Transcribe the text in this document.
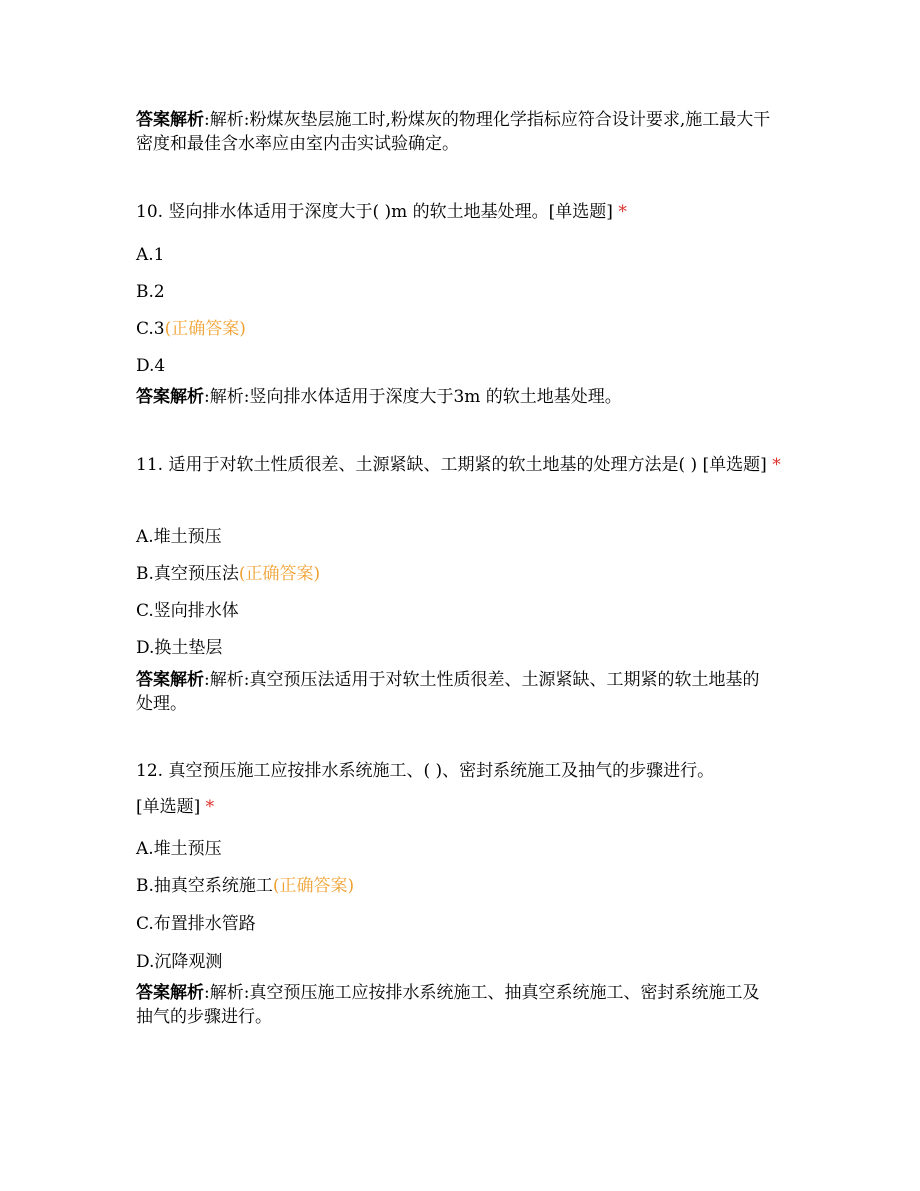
答案解析:解析:粉煤灰垫层施工时,粉煤灰的物理化学指标应符合设计要求,施工最大干密度和最佳含水率应由室内击实试验确定。
10. 竖向排水体适用于深度大于( )m 的软土地基处理。[单选题] *
A.1
B.2
C.3(正确答案)
D.4
答案解析:解析:竖向排水体适用于深度大于3m 的软土地基处理。
11. 适用于对软土性质很差、土源紧缺、工期紧的软土地基的处理方法是( ) [单选题] *
A.堆土预压
B.真空预压法(正确答案)
C.竖向排水体
D.换土垫层
答案解析:解析:真空预压法适用于对软土性质很差、土源紧缺、工期紧的软土地基的处理。
12. 真空预压施工应按排水系统施工、( )、密封系统施工及抽气的步骤进行。
[单选题] *
A.堆土预压
B.抽真空系统施工(正确答案)
C.布置排水管路
D.沉降观测
答案解析:解析:真空预压施工应按排水系统施工、抽真空系统施工、密封系统施工及抽气的步骤进行。
